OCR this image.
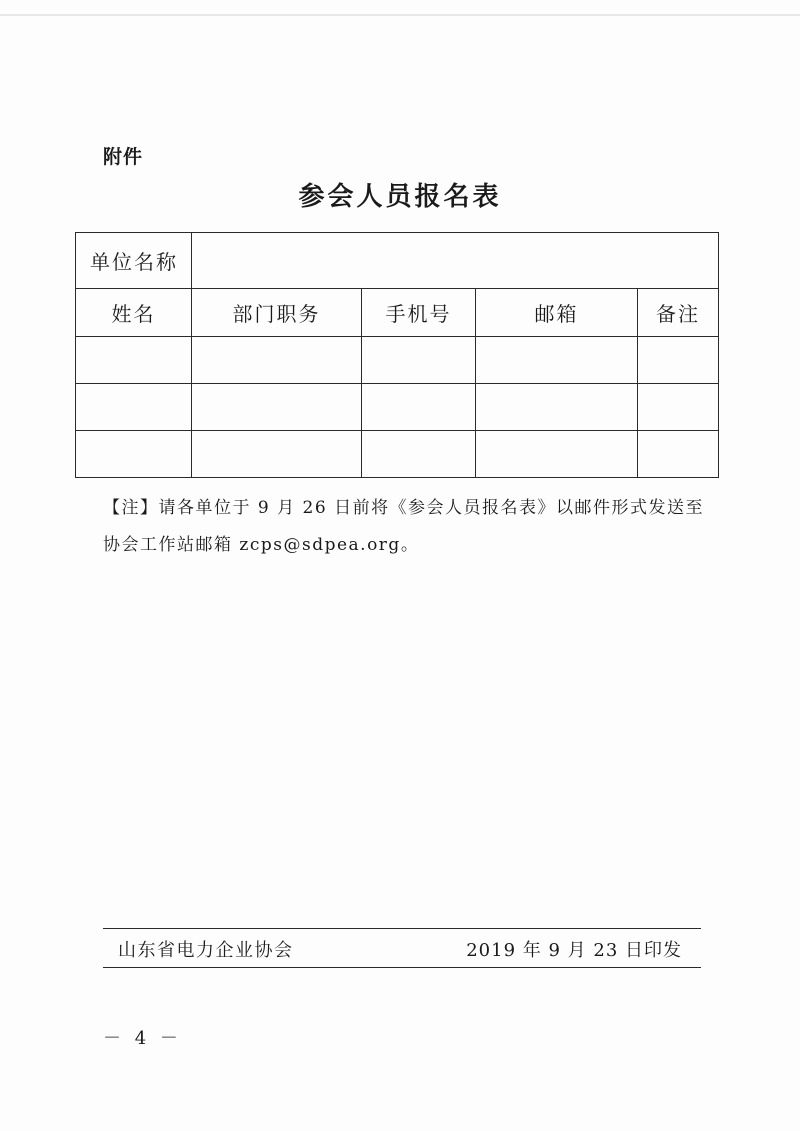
附件
参会人员报名表
单位名称				
姓名	部门职务	手机号	邮箱	备注

【注】请各单位于 9 月 26 日前将《参会人员报名表》以邮件形式发送至
协会工作站邮箱 zcps@sdpea.org。
山东省电力企业协会	2019 年 9 月 23 日印发
－ 4 －
